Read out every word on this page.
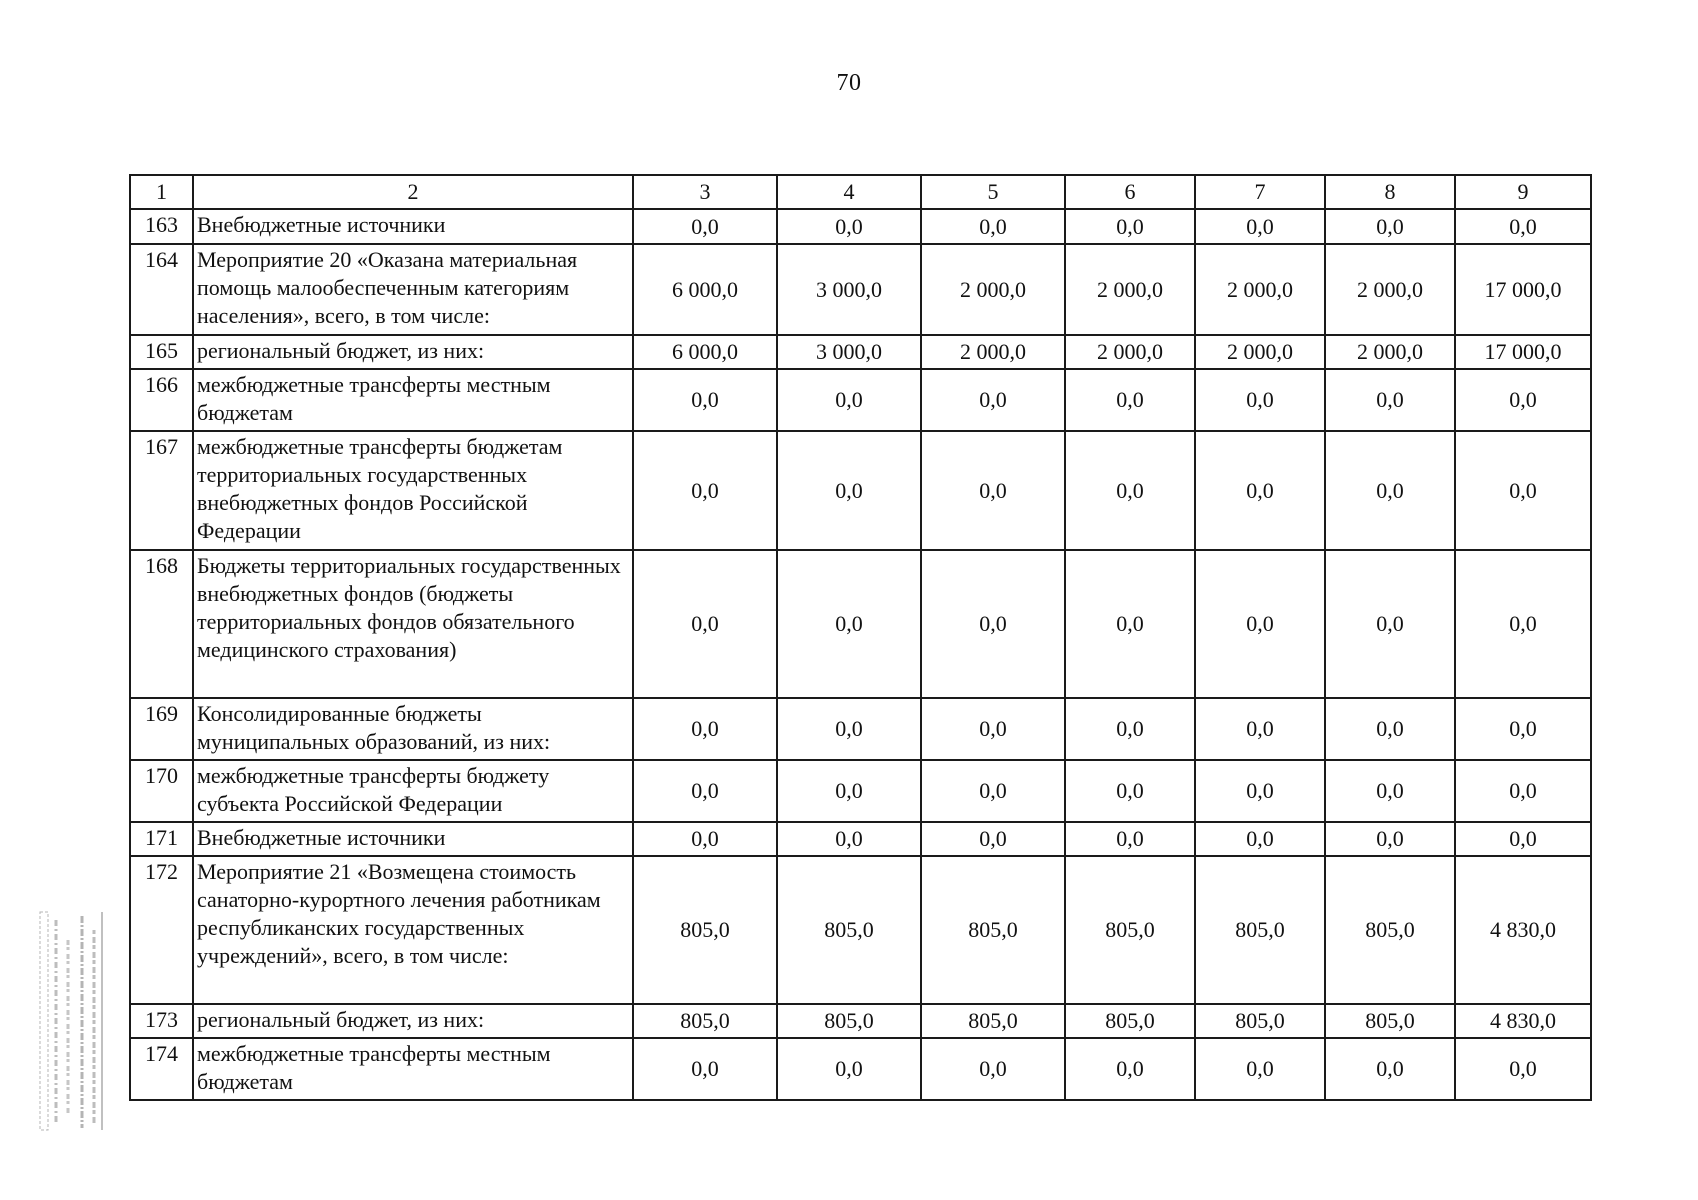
70
1	2	3	4	5	6	7	8	9
163	Внебюджетные источники	0,0	0,0	0,0	0,0	0,0	0,0	0,0
164	Мероприятие 20 «Оказана материальная помощь малообеспеченным категориям населения», всего, в том числе:	6 000,0	3 000,0	2 000,0	2 000,0	2 000,0	2 000,0	17 000,0
165	региональный бюджет, из них:	6 000,0	3 000,0	2 000,0	2 000,0	2 000,0	2 000,0	17 000,0
166	межбюджетные трансферты местным бюджетам	0,0	0,0	0,0	0,0	0,0	0,0	0,0
167	межбюджетные трансферты бюджетам территориальных государственных внебюджетных фондов Российской Федерации	0,0	0,0	0,0	0,0	0,0	0,0	0,0
168	Бюджеты территориальных государственных внебюджетных фондов (бюджеты территориальных фондов обязательного медицинского страхования)	0,0	0,0	0,0	0,0	0,0	0,0	0,0
169	Консолидированные бюджеты муниципальных образований, из них:	0,0	0,0	0,0	0,0	0,0	0,0	0,0
170	межбюджетные трансферты бюджету субъекта Российской Федерации	0,0	0,0	0,0	0,0	0,0	0,0	0,0
171	Внебюджетные источники	0,0	0,0	0,0	0,0	0,0	0,0	0,0
172	Мероприятие 21 «Возмещена стоимость санаторно-курортного лечения работникам республиканских государственных учреждений», всего, в том числе:	805,0	805,0	805,0	805,0	805,0	805,0	4 830,0
173	региональный бюджет, из них:	805,0	805,0	805,0	805,0	805,0	805,0	4 830,0
174	межбюджетные трансферты местным бюджетам	0,0	0,0	0,0	0,0	0,0	0,0	0,0
